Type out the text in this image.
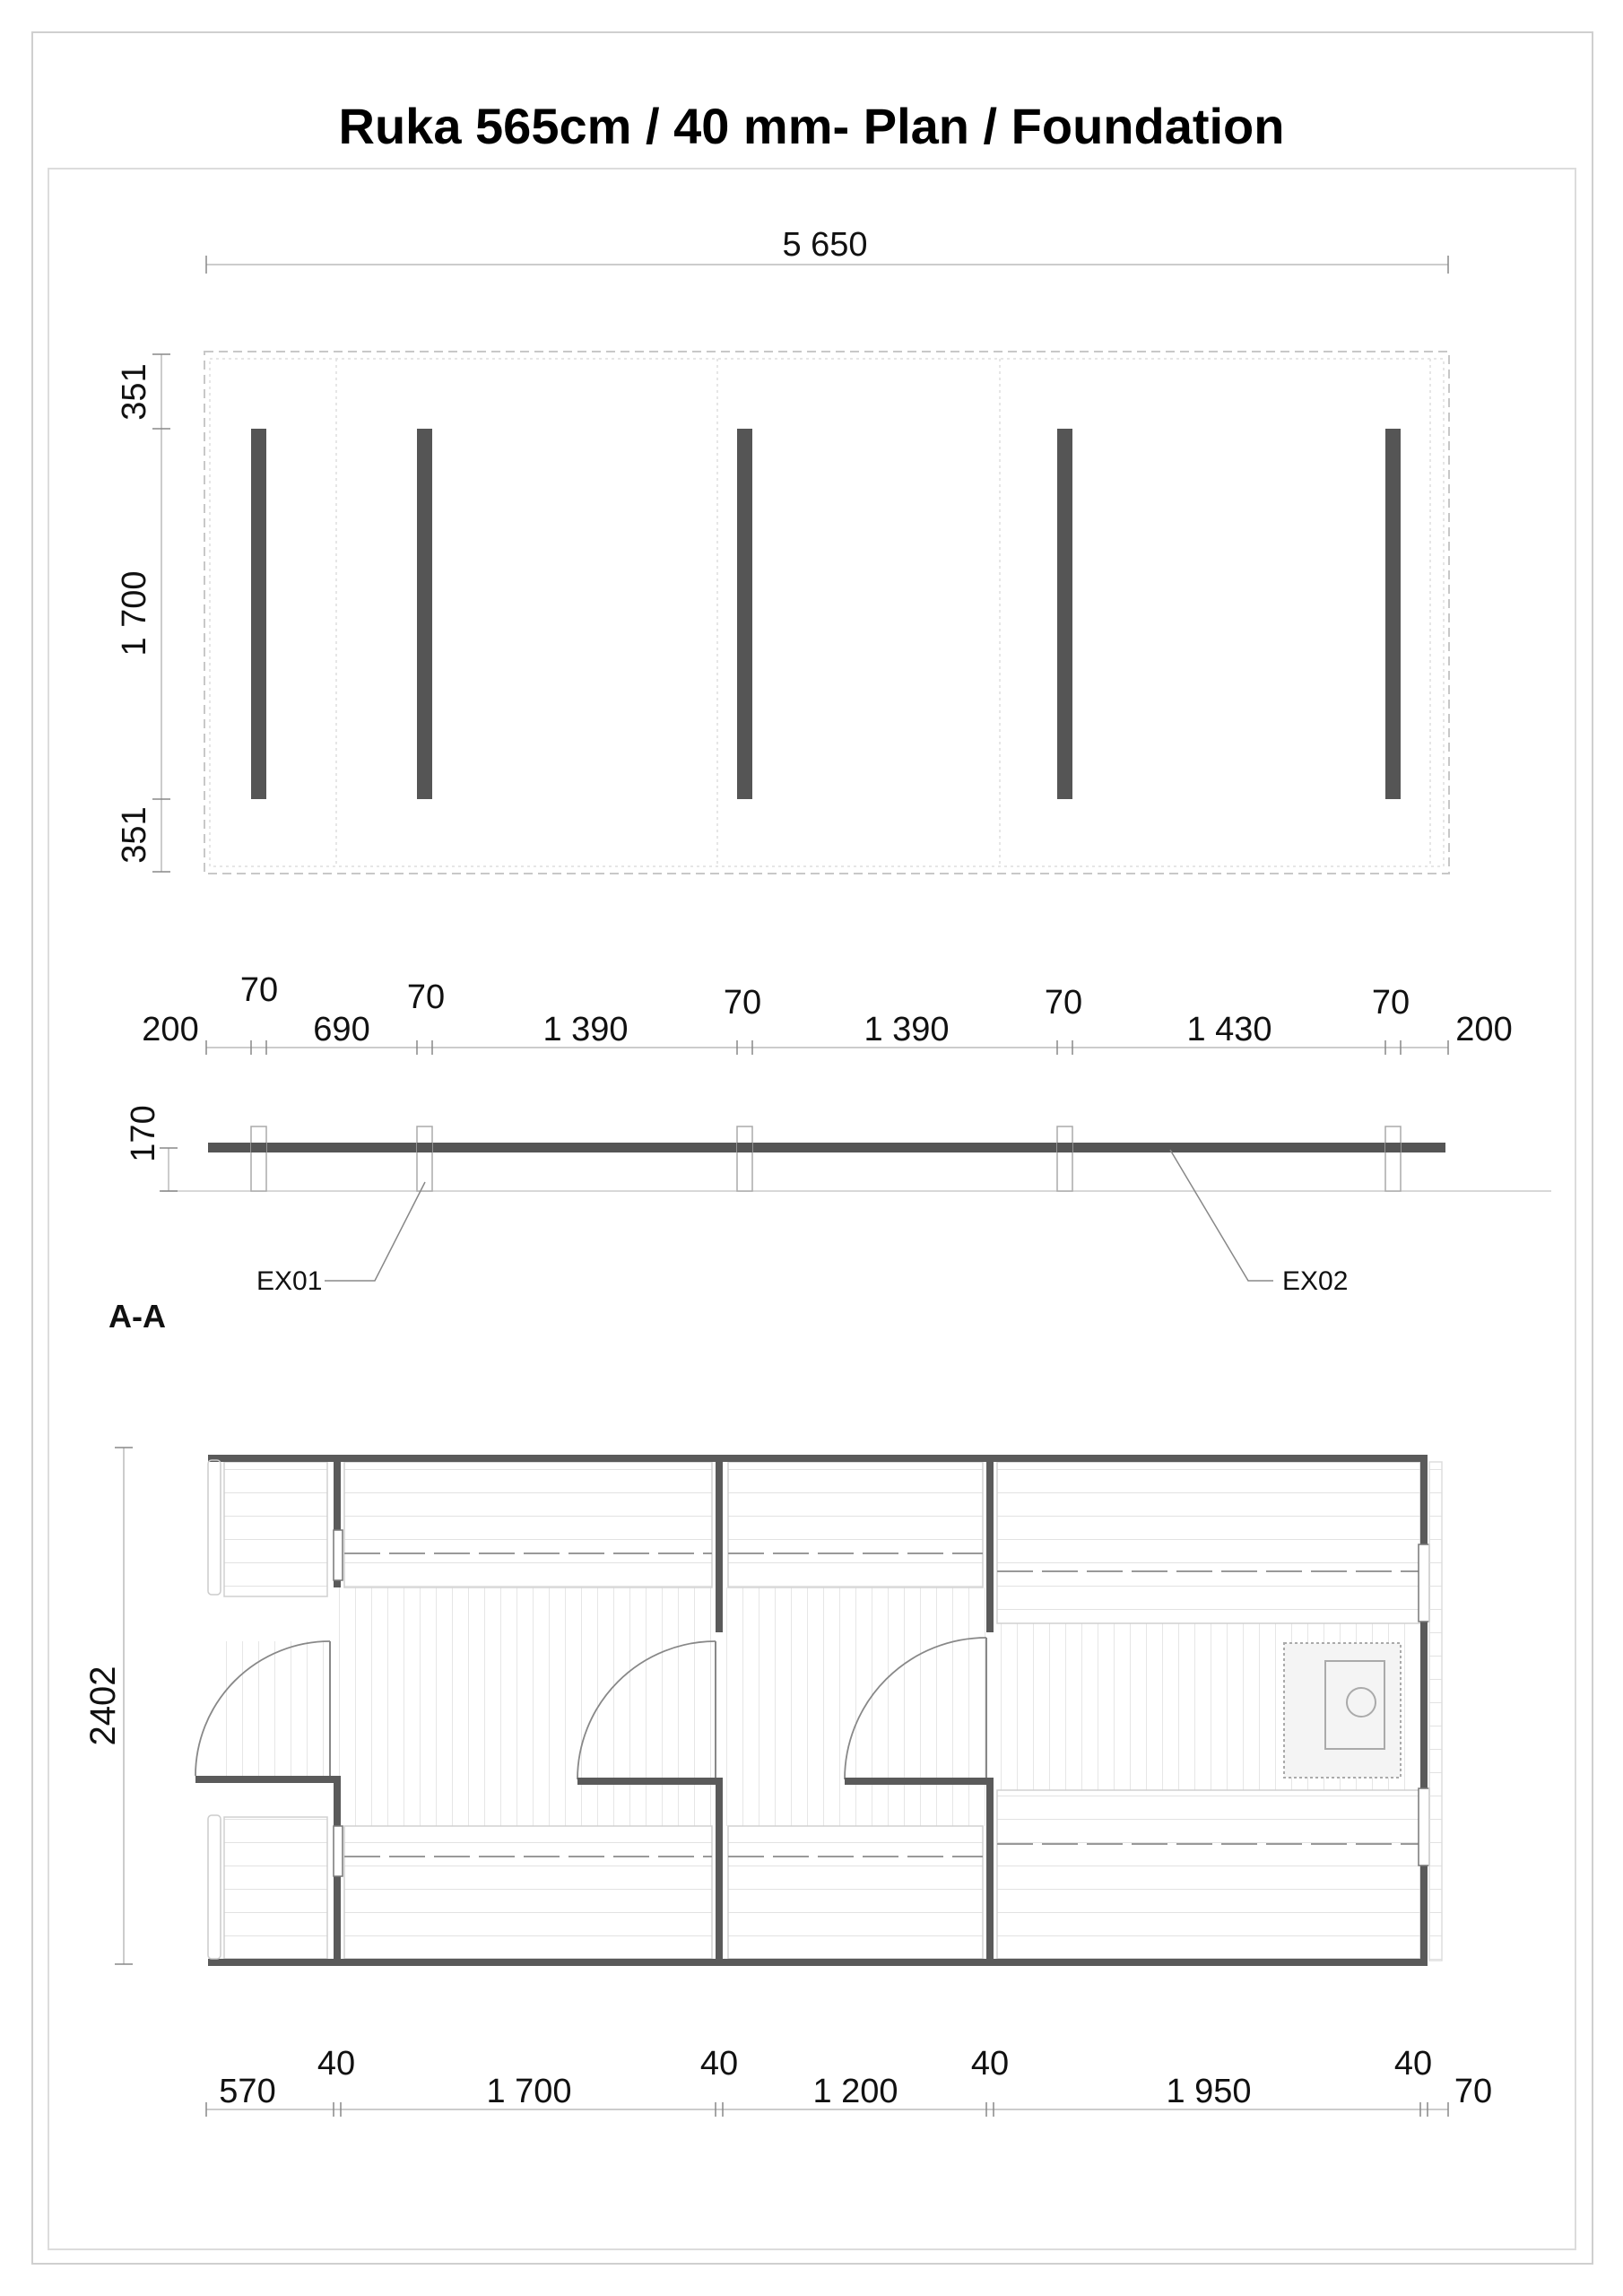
Ruka 565cm / 40 mm- Plan / Foundation
5 650
351
1 700
351
70	70	70	70	70
200	690	1 390	1 390	1 430	200
170
EX01	EX02
A-A
2402
40	40	40	40
570	1 700	1 200	1 950	70
